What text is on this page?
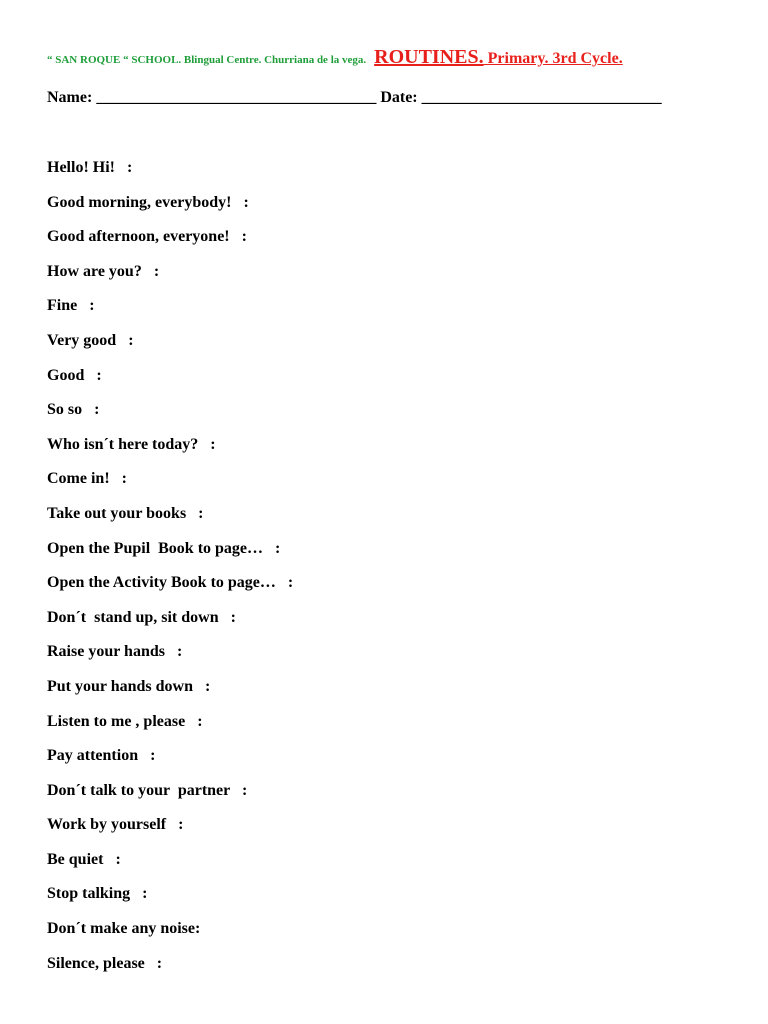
“ SAN ROQUE “ SCHOOL. Blingual Centre. Churriana de la vega. ROUTINES. Primary. 3rd Cycle.
Name: ___________________________________ Date: ______________________________
Hello! Hi!   :
Good morning, everybody!   :
Good afternoon, everyone!   :
How are you?   :
Fine   :
Very good   :
Good   :
So so   :
Who isn´t here today?   :
Come in!   :
Take out your books   :
Open the Pupil  Book to page…   :
Open the Activity Book to page…   :
Don´t  stand up, sit down   :
Raise your hands   :
Put your hands down   :
Listen to me , please   :
Pay attention   :
Don´t talk to your  partner   :
Work by yourself   :
Be quiet   :
Stop talking   :
Don´t make any noise:
Silence, please   :
